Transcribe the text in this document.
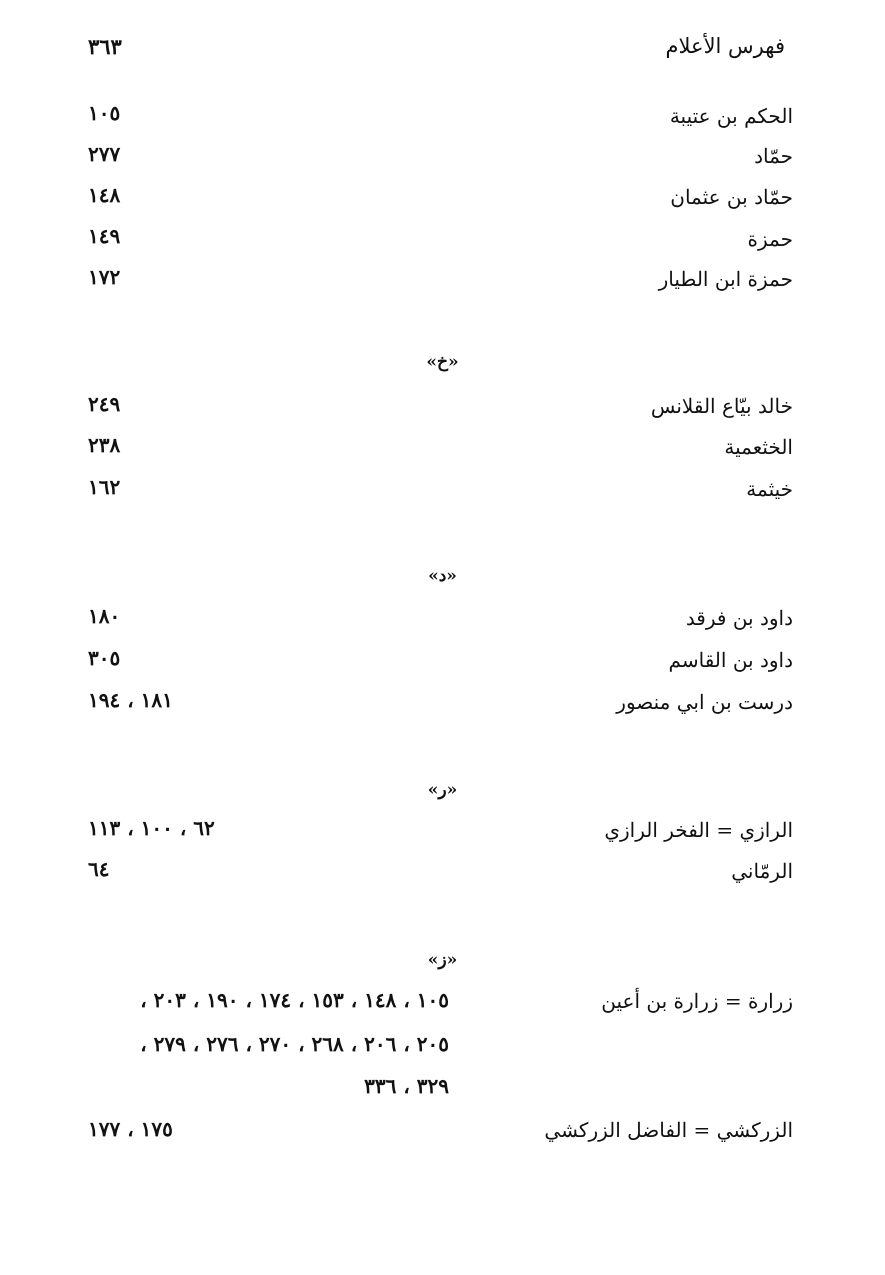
فهرس الأعلام
٣٦٣
الحكم بن عتيبة
١٠٥
حمّاد
٢٧٧
حمّاد بن عثمان
١٤٨
حمزة
١٤٩
حمزة ابن الطيار
١٧٢
«خ»
خالد بيّاع القلانس
٢٤٩
الخثعمية
٢٣٨
خيثمة
١٦٢
«د»
داود بن فرقد
١٨٠
داود بن القاسم
٣٠٥
درست بن ابي منصور
١٨١ ، ١٩٤
«ر»
الرازي = الفخر الرازي
٦٢ ، ١٠٠ ، ١١٣
الرمّاني
٦٤
«ز»
زرارة = زرارة بن أعين
١٠٥ ، ١٤٨ ، ١٥٣ ، ١٧٤ ، ١٩٠ ، ٢٠٣ ،
٢٠٥ ، ٢٠٦ ، ٢٦٨ ، ٢٧٠ ، ٢٧٦ ، ٢٧٩ ،
٣٢٩ ، ٣٣٦
الزركشي = الفاضل الزركشي
١٧٥ ، ١٧٧
